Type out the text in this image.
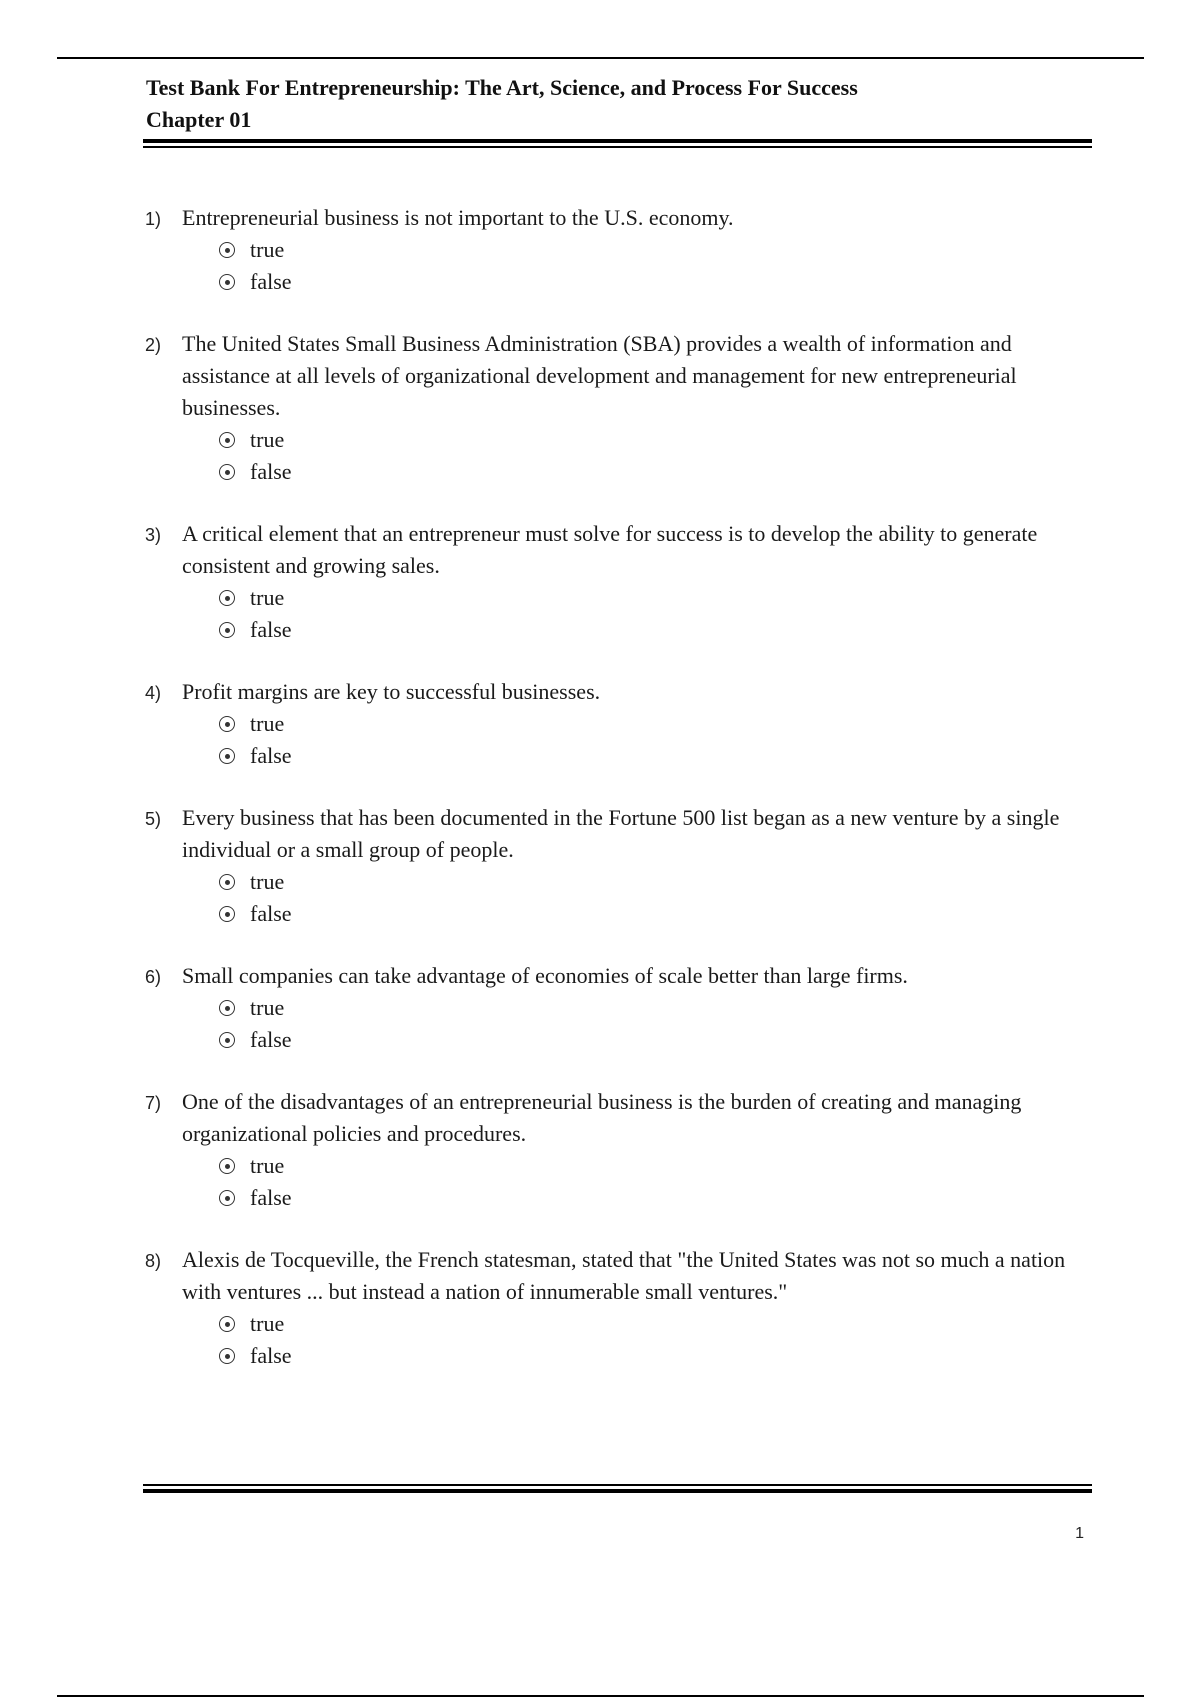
Test Bank For Entrepreneurship: The Art, Science, and Process For Success
Chapter 01
1) Entrepreneurial business is not important to the U.S. economy.
true
false
2) The United States Small Business Administration (SBA) provides a wealth of information and assistance at all levels of organizational development and management for new entrepreneurial businesses.
true
false
3) A critical element that an entrepreneur must solve for success is to develop the ability to generate consistent and growing sales.
true
false
4) Profit margins are key to successful businesses.
true
false
5) Every business that has been documented in the Fortune 500 list began as a new venture by a single individual or a small group of people.
true
false
6) Small companies can take advantage of economies of scale better than large firms.
true
false
7) One of the disadvantages of an entrepreneurial business is the burden of creating and managing organizational policies and procedures.
true
false
8) Alexis de Tocqueville, the French statesman, stated that "the United States was not so much a nation with ventures ... but instead a nation of innumerable small ventures."
true
false
1
